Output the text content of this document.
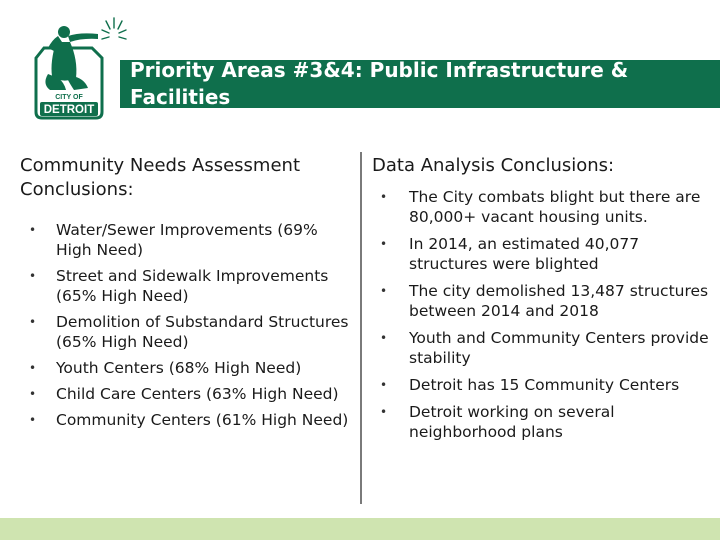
Priority Areas #3&4: Public Infrastructure & Facilities
CITY OF
DETROIT
Community Needs Assessment Conclusions:
• Water/Sewer Improvements (69% High Need)
• Street and Sidewalk Improvements (65% High Need)
• Demolition of Substandard Structures (65% High Need)
• Youth Centers (68% High Need)
• Child Care Centers (63% High Need)
• Community Centers (61% High Need)
Data Analysis Conclusions:
• The City combats blight but there are 80,000+ vacant housing units.
• In 2014, an estimated 40,077 structures were blighted
• The city demolished 13,487 structures between 2014 and 2018
• Youth and Community Centers provide stability
• Detroit has 15 Community Centers
• Detroit working on several neighborhood plans
